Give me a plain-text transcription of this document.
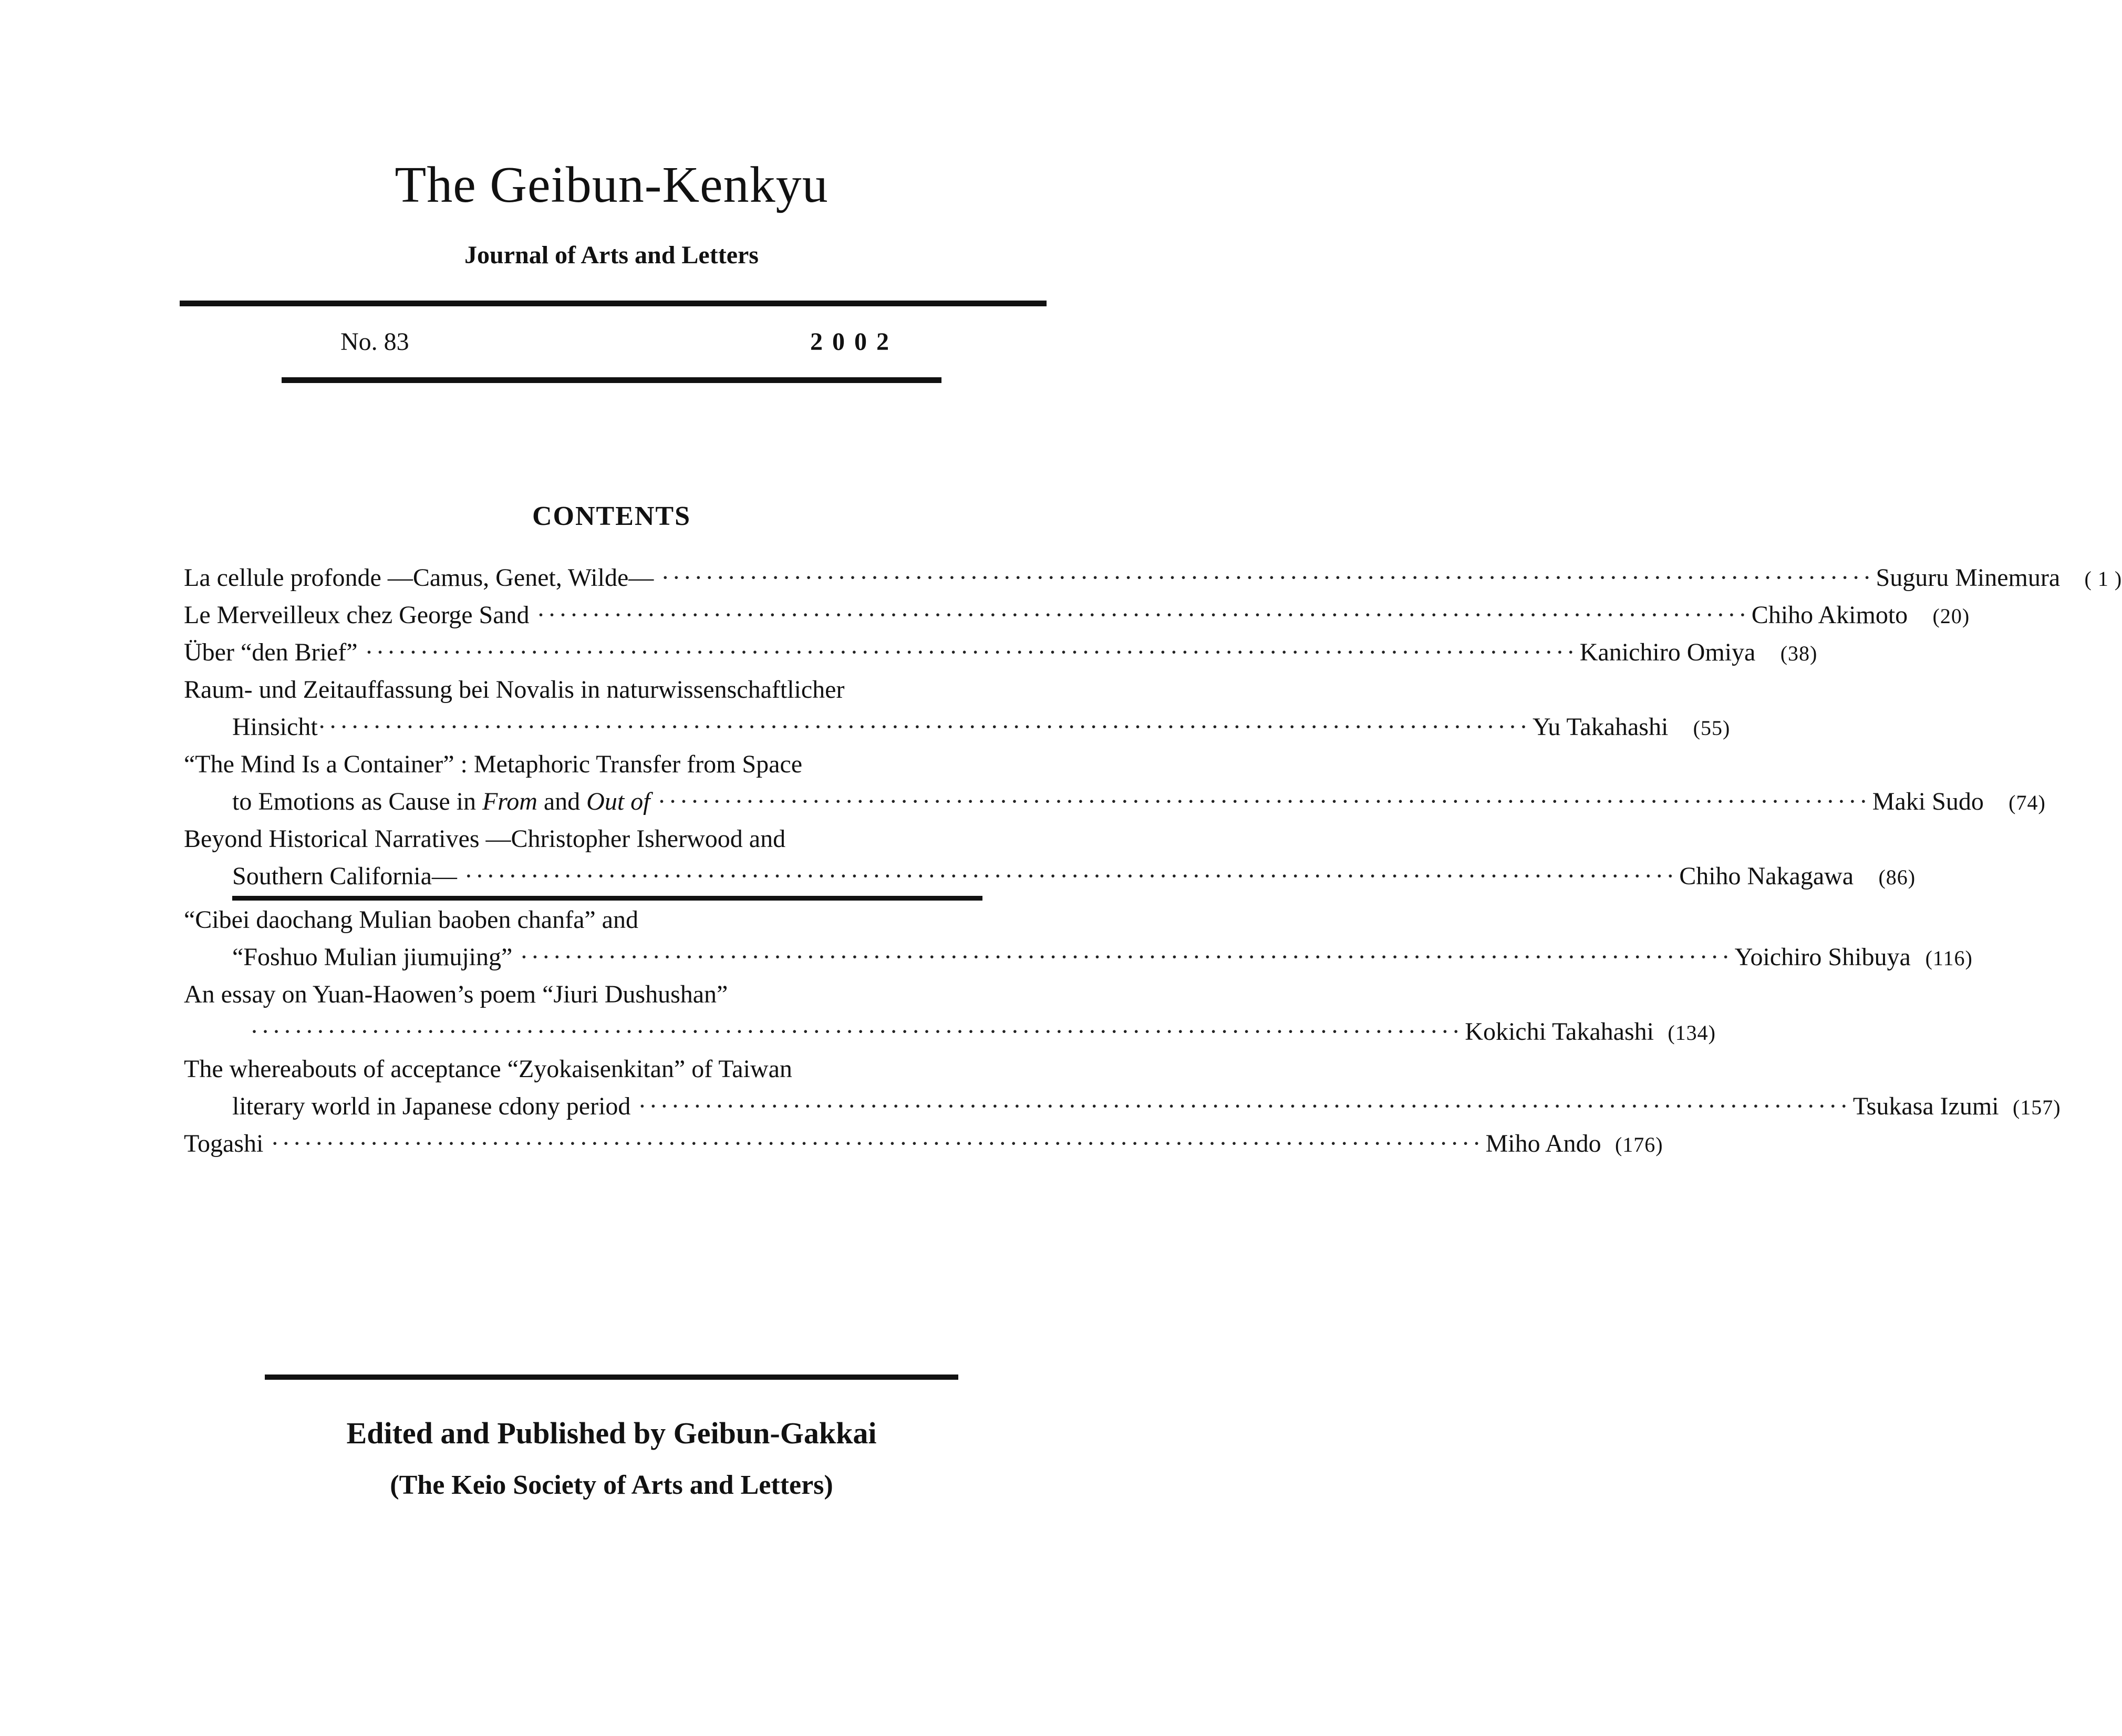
The Geibun-Kenkyu
Journal of Arts and Letters
No. 83	2002
CONTENTS
La cellule profonde —Camus, Genet, Wilde— ·············································································································· Suguru Minemura	( 1 )
Le Merveilleux chez George Sand ·············································································································· Chiho Akimoto	(20)
Über “den Brief” ·············································································································· Kanichiro Omiya	(38)
Raum- und Zeitauffassung bei Novalis in naturwissenschaftlicher
Hinsicht ·············································································································· Yu Takahashi	(55)
“The Mind Is a Container” : Metaphoric Transfer from Space
to Emotions as Cause in From and Out of ·············································································································· Maki Sudo	(74)
Beyond Historical Narratives —Christopher Isherwood and
Southern California— ·············································································································· Chiho Nakagawa	(86)
“Cibei daochang Mulian baoben chanfa” and
“Foshuo Mulian jiumujing” ·············································································································· Yoichiro Shibuya (116)
An essay on Yuan-Haowen’s poem “Jiuri Dushushan”
·············································································································· Kokichi Takahashi (134)
The whereabouts of acceptance “Zyokaisenkitan” of Taiwan
literary world in Japanese cdony period ·············································································································· Tsukasa Izumi (157)
Togashi ·············································································································· Miho Ando (176)
Edited and Published by Geibun-Gakkai
(The Keio Society of Arts and Letters)
